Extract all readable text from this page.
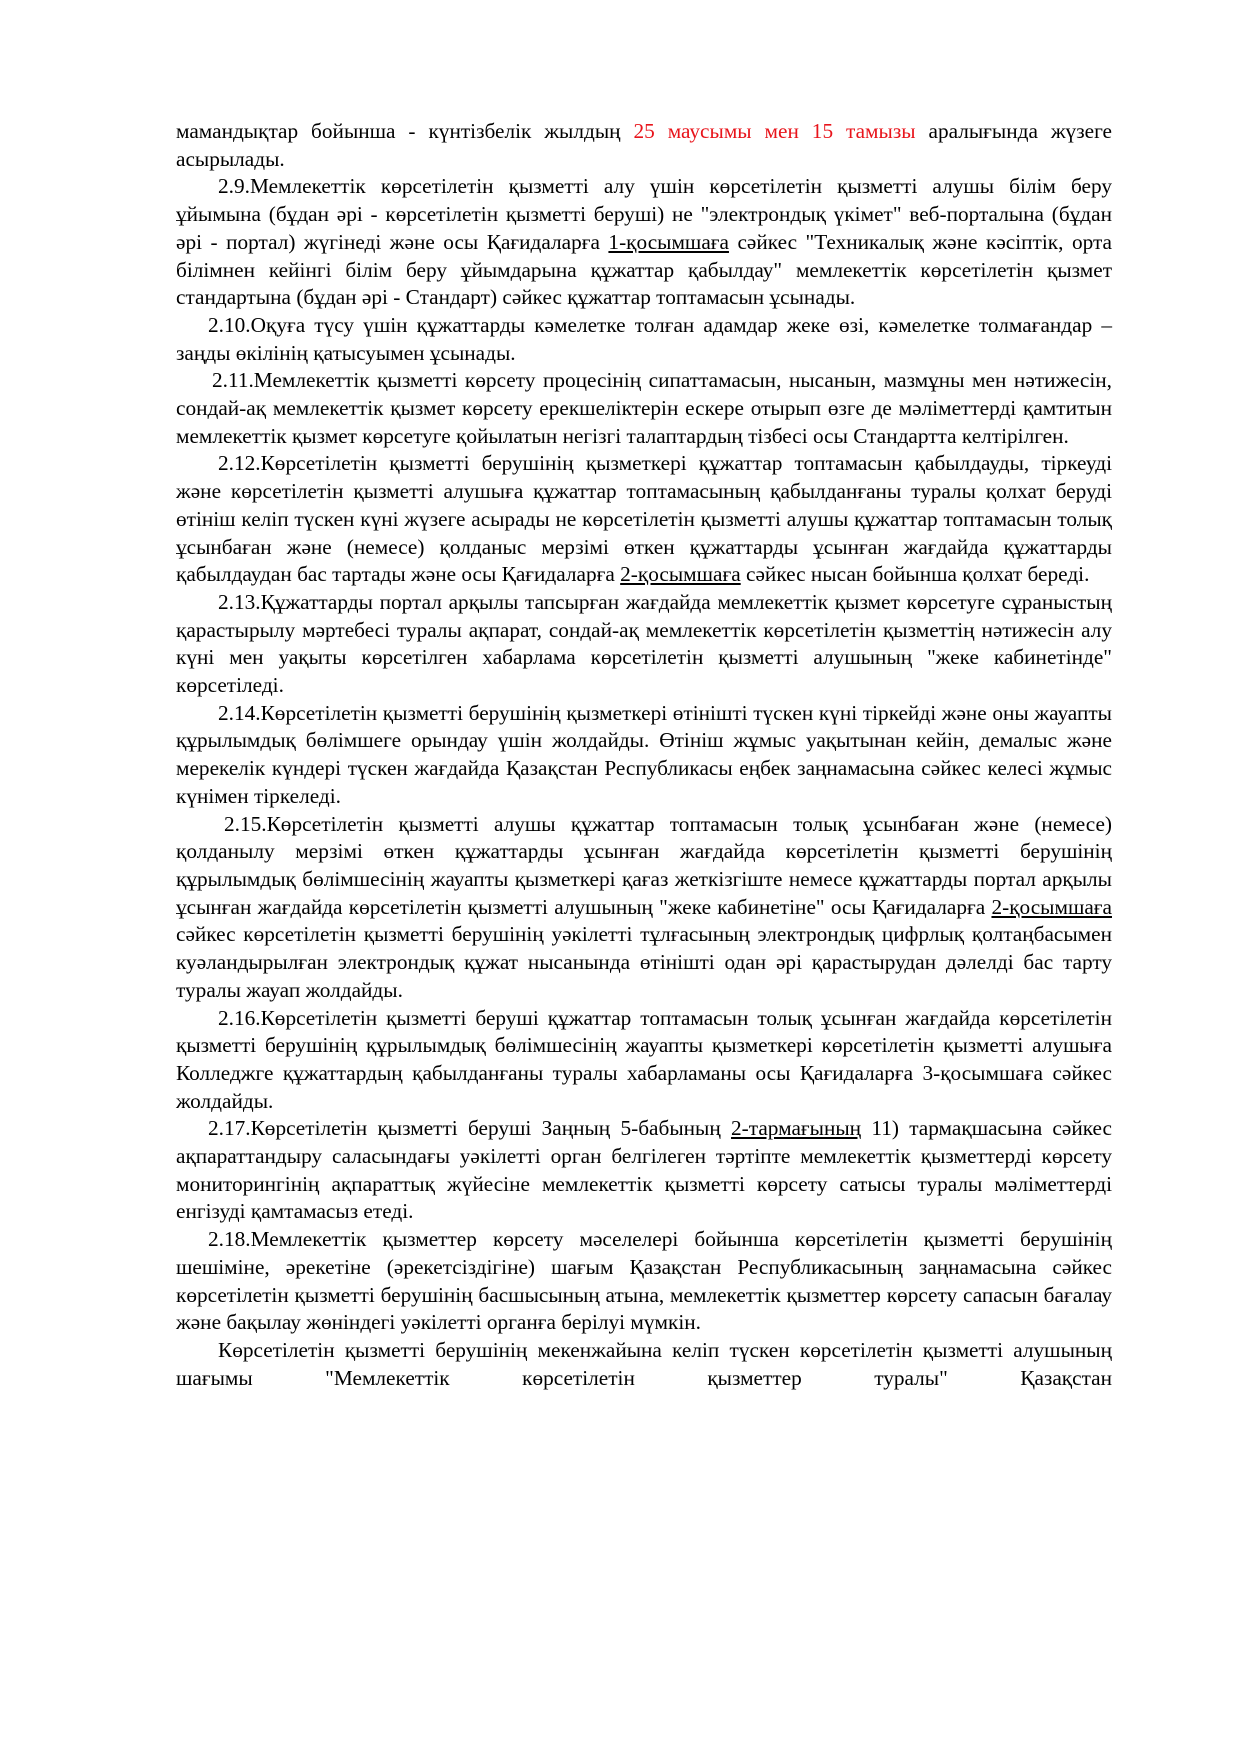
мамандықтар бойынша - күнтізбелік жылдың 25 маусымы мен 15 тамызы аралығында жүзеге асырылады.

2.9.Мемлекеттік көрсетілетін қызметті алу үшін көрсетілетін қызметті алушы білім беру ұйымына (бұдан әрі - көрсетілетін қызметті беруші) не "электрондық үкімет" веб-порталына (бұдан әрі - портал) жүгінеді және осы Қағидаларға 1-қосымшаға сәйкес "Техникалық және кәсіптік, орта білімнен кейінгі білім беру ұйымдарына құжаттар қабылдау" мемлекеттік көрсетілетін қызмет стандартына (бұдан әрі - Стандарт) сәйкес құжаттар топтамасын ұсынады.

2.10.Оқуға түсу үшін құжаттарды кәмелетке толған адамдар жеке өзі, кәмелетке толмағандар – заңды өкілінің қатысуымен ұсынады.

2.11.Мемлекеттік қызметті көрсету процесінің сипаттамасын, нысанын, мазмұны мен нәтижесін, сондай-ақ мемлекеттік қызмет көрсету ерекшеліктерін ескере отырып өзге де мәліметтерді қамтитын мемлекеттік қызмет көрсетуге қойылатын негізгі талаптардың тізбесі осы Стандартта келтірілген.

2.12.Көрсетілетін қызметті берушінің қызметкері құжаттар топтамасын қабылдауды, тіркеуді және көрсетілетін қызметті алушыға құжаттар топтамасының қабылданғаны туралы қолхат беруді өтініш келіп түскен күні жүзеге асырады не көрсетілетін қызметті алушы құжаттар топтамасын толық ұсынбаған және (немесе) қолданыс мерзімі өткен құжаттарды ұсынған жағдайда құжаттарды қабылдаудан бас тартады және осы Қағидаларға 2-қосымшаға сәйкес нысан бойынша қолхат береді.

2.13.Құжаттарды портал арқылы тапсырған жағдайда мемлекеттік қызмет көрсетуге сұраныстың қарастырылу мәртебесі туралы ақпарат, сондай-ақ мемлекеттік көрсетілетін қызметтің нәтижесін алу күні мен уақыты көрсетілген хабарлама көрсетілетін қызметті алушының "жеке кабинетінде" көрсетіледі.

2.14.Көрсетілетін қызметті берушінің қызметкері өтінішті түскен күні тіркейді және оны жауапты құрылымдық бөлімшеге орындау үшін жолдайды. Өтініш жұмыс уақытынан кейін, демалыс және мерекелік күндері түскен жағдайда Қазақстан Республикасы еңбек заңнамасына сәйкес келесі жұмыс күнімен тіркеледі.

2.15.Көрсетілетін қызметті алушы құжаттар топтамасын толық ұсынбаған және (немесе) қолданылу мерзімі өткен құжаттарды ұсынған жағдайда көрсетілетін қызметті берушінің құрылымдық бөлімшесінің жауапты қызметкері қағаз жеткізгіште немесе құжаттарды портал арқылы ұсынған жағдайда көрсетілетін қызметті алушының "жеке кабинетіне" осы Қағидаларға 2-қосымшаға сәйкес көрсетілетін қызметті берушінің уәкілетті тұлғасының электрондық цифрлық қолтаңбасымен куәландырылған электрондық құжат нысанында өтінішті одан әрі қарастырудан дәлелді бас тарту туралы жауап жолдайды.

2.16.Көрсетілетін қызметті беруші құжаттар топтамасын толық ұсынған жағдайда көрсетілетін қызметті берушінің құрылымдық бөлімшесінің жауапты қызметкері көрсетілетін қызметті алушыға Колледжге құжаттардың қабылданғаны туралы хабарламаны осы Қағидаларға 3-қосымшаға сәйкес жолдайды.

2.17.Көрсетілетін қызметті беруші Заңның 5-бабының 2-тармағының 11) тармақшасына сәйкес ақпараттандыру саласындағы уәкілетті орган белгілеген тәртіпте мемлекеттік қызметтерді көрсету мониторингінің ақпараттық жүйесіне мемлекеттік қызметті көрсету сатысы туралы мәліметтерді енгізуді қамтамасыз етеді.

2.18.Мемлекеттік қызметтер көрсету мәселелері бойынша көрсетілетін қызметті берушінің шешіміне, әрекетіне (әрекетсіздігіне) шағым Қазақстан Республикасының заңнамасына сәйкес көрсетілетін қызметті берушінің басшысының атына, мемлекеттік қызметтер көрсету сапасын бағалау және бақылау жөніндегі уәкілетті органға берілуі мүмкін.

Көрсетілетін қызметті берушінің мекенжайына келіп түскен көрсетілетін қызметті алушының шағымы "Мемлекеттік көрсетілетін қызметтер туралы" Қазақстан
